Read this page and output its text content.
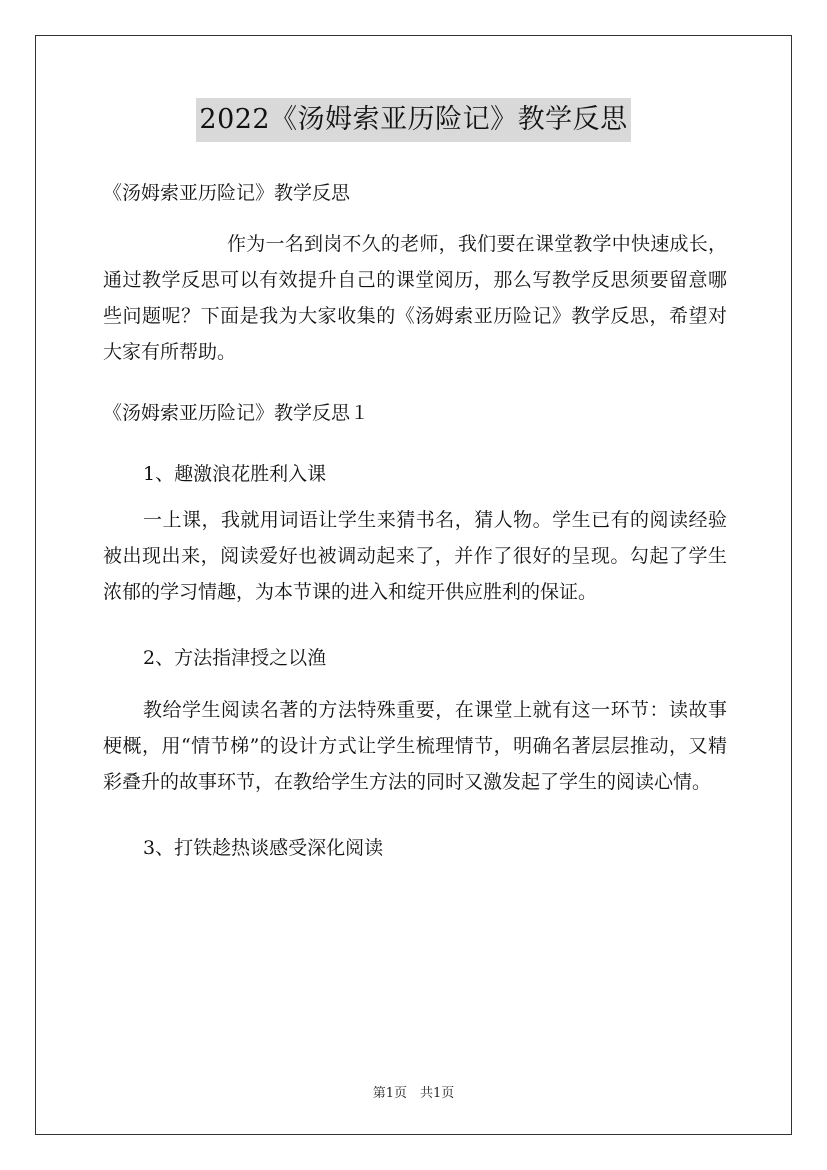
2022《汤姆索亚历险记》教学反思

《汤姆索亚历险记》教学反思

作为一名到岗不久的老师，我们要在课堂教学中快速成长，通过教学反思可以有效提升自己的课堂阅历，那么写教学反思须要留意哪些问题呢？下面是我为大家收集的《汤姆索亚历险记》教学反思，希望对大家有所帮助。

《汤姆索亚历险记》教学反思１

1、趣激浪花胜利入课

一上课，我就用词语让学生来猜书名，猜人物。学生已有的阅读经验被出现出来，阅读爱好也被调动起来了，并作了很好的呈现。勾起了学生浓郁的学习情趣，为本节课的进入和绽开供应胜利的保证。

2、方法指津授之以渔

教给学生阅读名著的方法特殊重要，在课堂上就有这一环节：读故事梗概，用“情节梯”的设计方式让学生梳理情节，明确名著层层推动，又精彩叠升的故事环节，在教给学生方法的同时又激发起了学生的阅读心情。

3、打铁趁热谈感受深化阅读

第1页　共1页
